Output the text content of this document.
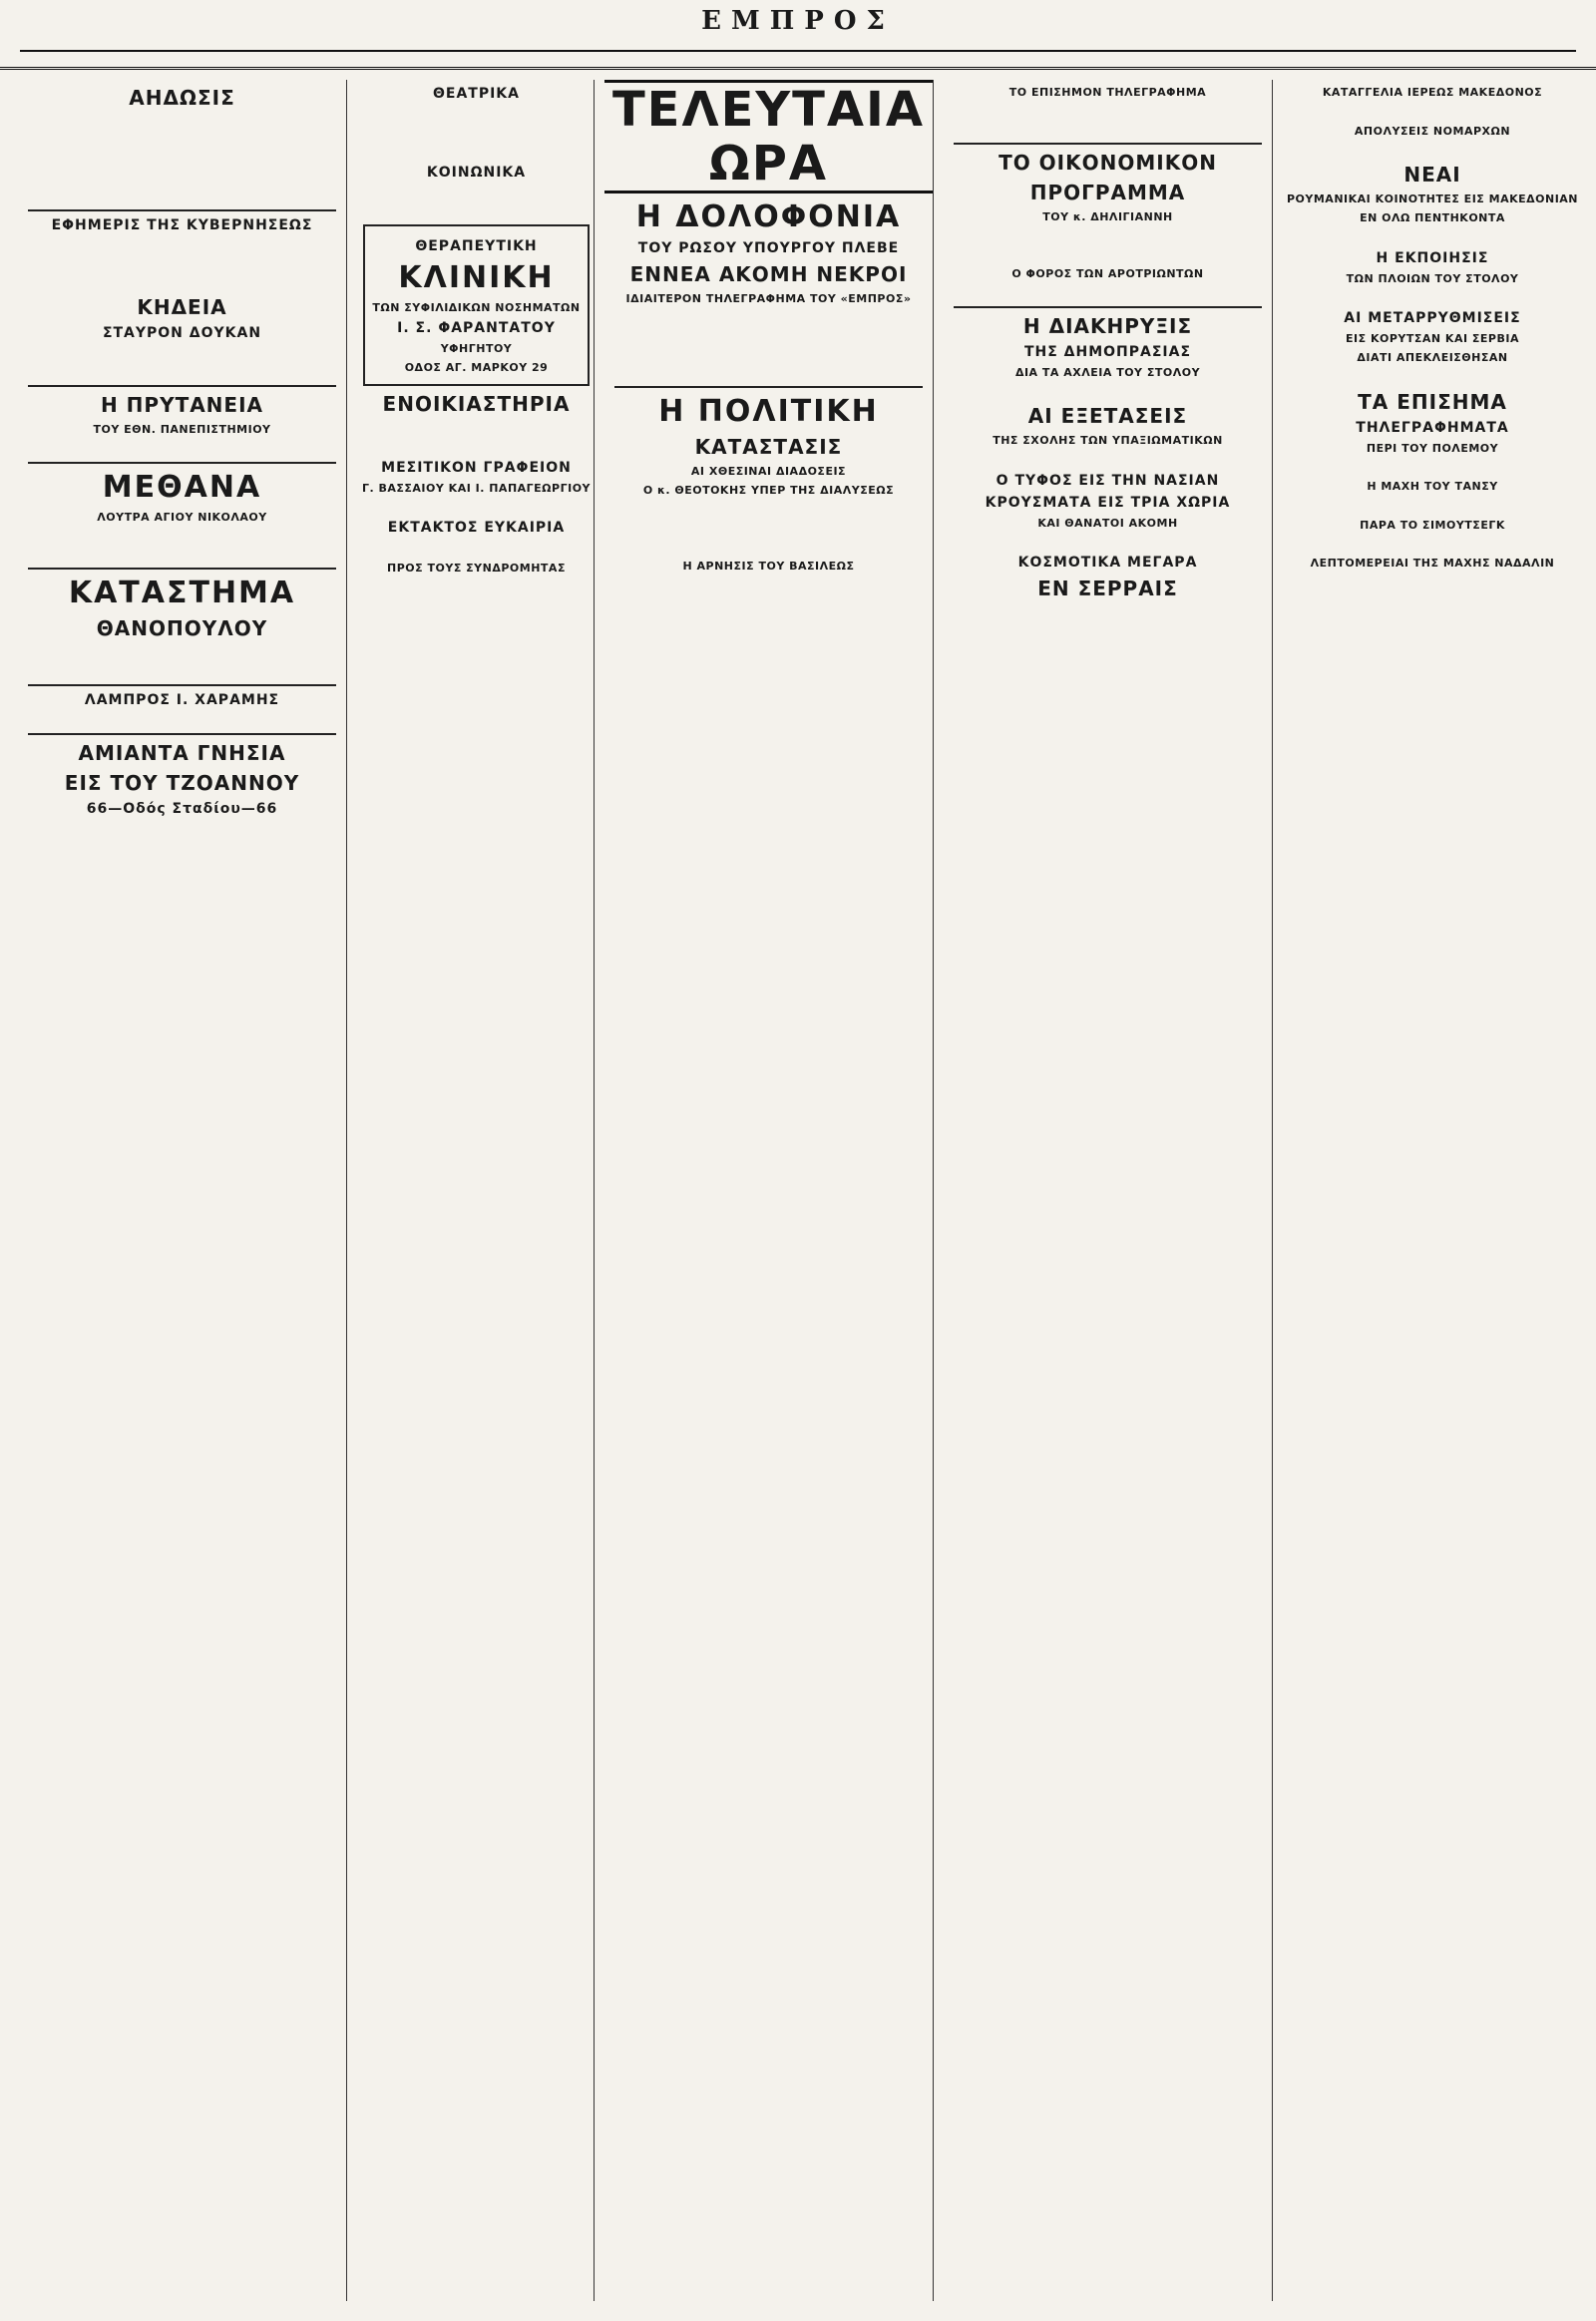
ΕΜΠΡΟΣ
ΑΗΔΩΣΙΣ

ΕΦΗΜΕΡΙΣ ΤΗΣ ΚΥΒΕΡΝΗΣΕΩΣ

ΚΗΔΕΙΑ
ΣΤΑΥΡΟΝ ΔΟΥΚΑΝ

Η ΠΡΥΤΑΝΕΙΑ
ΤΟΥ ΕΘΝ. ΠΑΝΕΠΙΣΤΗΜΙΟΥ

ΜΕΘΑΝΑ
ΛΟΥΤΡΑ ΑΓΙΟΥ ΝΙΚΟΛΑΟΥ

ΚΑΤΑΣΤΗΜΑ
ΘΑΝΟΠΟΥΛΟΥ

ΛΑΜΠΡΟΣ Ι. ΧΑΡΑΜΗΣ

ΑΜΙΑΝΤΑ ΓΝΗΣΙΑ
ΕΙΣ ΤΟΥ ΤΖΟΑΝΝΟΥ
66—Οδός Σταδίου—66
ΘΕΑΤΡΙΚΑ

ΚΟΙΝΩΝΙΚΑ

ΘΕΡΑΠΕΥΤΙΚΗ
ΚΛΙΝΙΚΗ
ΤΩΝ ΣΥΦΙΛΙΔΙΚΩΝ ΝΟΣΗΜΑΤΩΝ
Ι. Σ. ΦΑΡΑΝΤΑΤΟΥ
ΥΦΗΓΗΤΟΥ
ΟΔΟΣ ΑΓ. ΜΑΡΚΟΥ 29
ΕΝΟΙΚΙΑΣΤΗΡΙΑ

ΜΕΣΙΤΙΚΟΝ ΓΡΑΦΕΙΟΝ
Γ. ΒΑΣΣΑΙΟΥ ΚΑΙ Ι. ΠΑΠΑΓΕΩΡΓΙΟΥ

ΕΚΤΑΚΤΟΣ ΕΥΚΑΙΡΙΑ

ΠΡΟΣ ΤΟΥΣ ΣΥΝΔΡΟΜΗΤΑΣ
ΤΕΛΕΥΤΑΙΑ ΩΡΑ
Η ΔΟΛΟΦΟΝΙΑ
ΤΟΥ ΡΩΣΟΥ ΥΠΟΥΡΓΟΥ ΠΛΕΒΕ
ΕΝΝΕΑ ΑΚΟΜΗ ΝΕΚΡΟΙ
ΙΔΙΑΙΤΕΡΟΝ ΤΗΛΕΓΡΑΦΗΜΑ ΤΟΥ «ΕΜΠΡΟΣ»

Η ΠΟΛΙΤΙΚΗ
ΚΑΤΑΣΤΑΣΙΣ
ΑΙ ΧΘΕΣΙΝΑΙ ΔΙΑΔΟΣΕΙΣ
Ο κ. ΘΕΟΤΟΚΗΣ ΥΠΕΡ ΤΗΣ ΔΙΑΛΥΣΕΩΣ

Η ΑΡΝΗΣΙΣ ΤΟΥ ΒΑΣΙΛΕΩΣ

ΤΟ ΕΠΙΣΗΜΟΝ ΤΗΛΕΓΡΑΦΗΜΑ

ΤΟ ΟΙΚΟΝΟΜΙΚΟΝ
ΠΡΟΓΡΑΜΜΑ
ΤΟΥ κ. ΔΗΛΙΓΙΑΝΝΗ

Ο ΦΟΡΟΣ ΤΩΝ ΑΡΟΤΡΙΩΝΤΩΝ

Η ΔΙΑΚΗΡΥΞΙΣ
ΤΗΣ ΔΗΜΟΠΡΑΣΙΑΣ
ΔΙΑ ΤΑ ΑΧΛΕΙΑ ΤΟΥ ΣΤΟΛΟΥ

ΑΙ ΕΞΕΤΑΣΕΙΣ
ΤΗΣ ΣΧΟΛΗΣ ΤΩΝ ΥΠΑΞΙΩΜΑΤΙΚΩΝ

Ο ΤΥΦΟΣ ΕΙΣ ΤΗΝ ΝΑΣΙΑΝ
ΚΡΟΥΣΜΑΤΑ ΕΙΣ ΤΡΙΑ ΧΩΡΙΑ
ΚΑΙ ΘΑΝΑΤΟΙ ΑΚΟΜΗ

ΚΟΣΜΟΤΙΚΑ ΜΕΓΑΡΑ
ΕΝ ΣΕΡΡΑΙΣ

ΚΑΤΑΓΓΕΛΙΑ ΙΕΡΕΩΣ ΜΑΚΕΔΟΝΟΣ

ΑΠΟΛΥΣΕΙΣ ΝΟΜΑΡΧΩΝ

ΝΕΑΙ
ΡΟΥΜΑΝΙΚΑΙ ΚΟΙΝΟΤΗΤΕΣ ΕΙΣ ΜΑΚΕΔΟΝΙΑΝ
ΕΝ ΟΛΩ ΠΕΝΤΗΚΟΝΤΑ

Η ΕΚΠΟΙΗΣΙΣ
ΤΩΝ ΠΛΟΙΩΝ ΤΟΥ ΣΤΟΛΟΥ

ΑΙ ΜΕΤΑΡΡΥΘΜΙΣΕΙΣ
ΕΙΣ ΚΟΡΥΤΣΑΝ ΚΑΙ ΣΕΡΒΙΑ
ΔΙΑΤΙ ΑΠΕΚΛΕΙΣΘΗΣΑΝ

ΤΑ ΕΠΙΣΗΜΑ
ΤΗΛΕΓΡΑΦΗΜΑΤΑ
ΠΕΡΙ ΤΟΥ ΠΟΛΕΜΟΥ

Η ΜΑΧΗ ΤΟΥ ΤΑΝΣΥ

ΠΑΡΑ ΤΟ ΣΙΜΟΥΤΣΕΓΚ

ΛΕΠΤΟΜΕΡΕΙΑΙ ΤΗΣ ΜΑΧΗΣ ΝΑΔΑΛΙΝ
